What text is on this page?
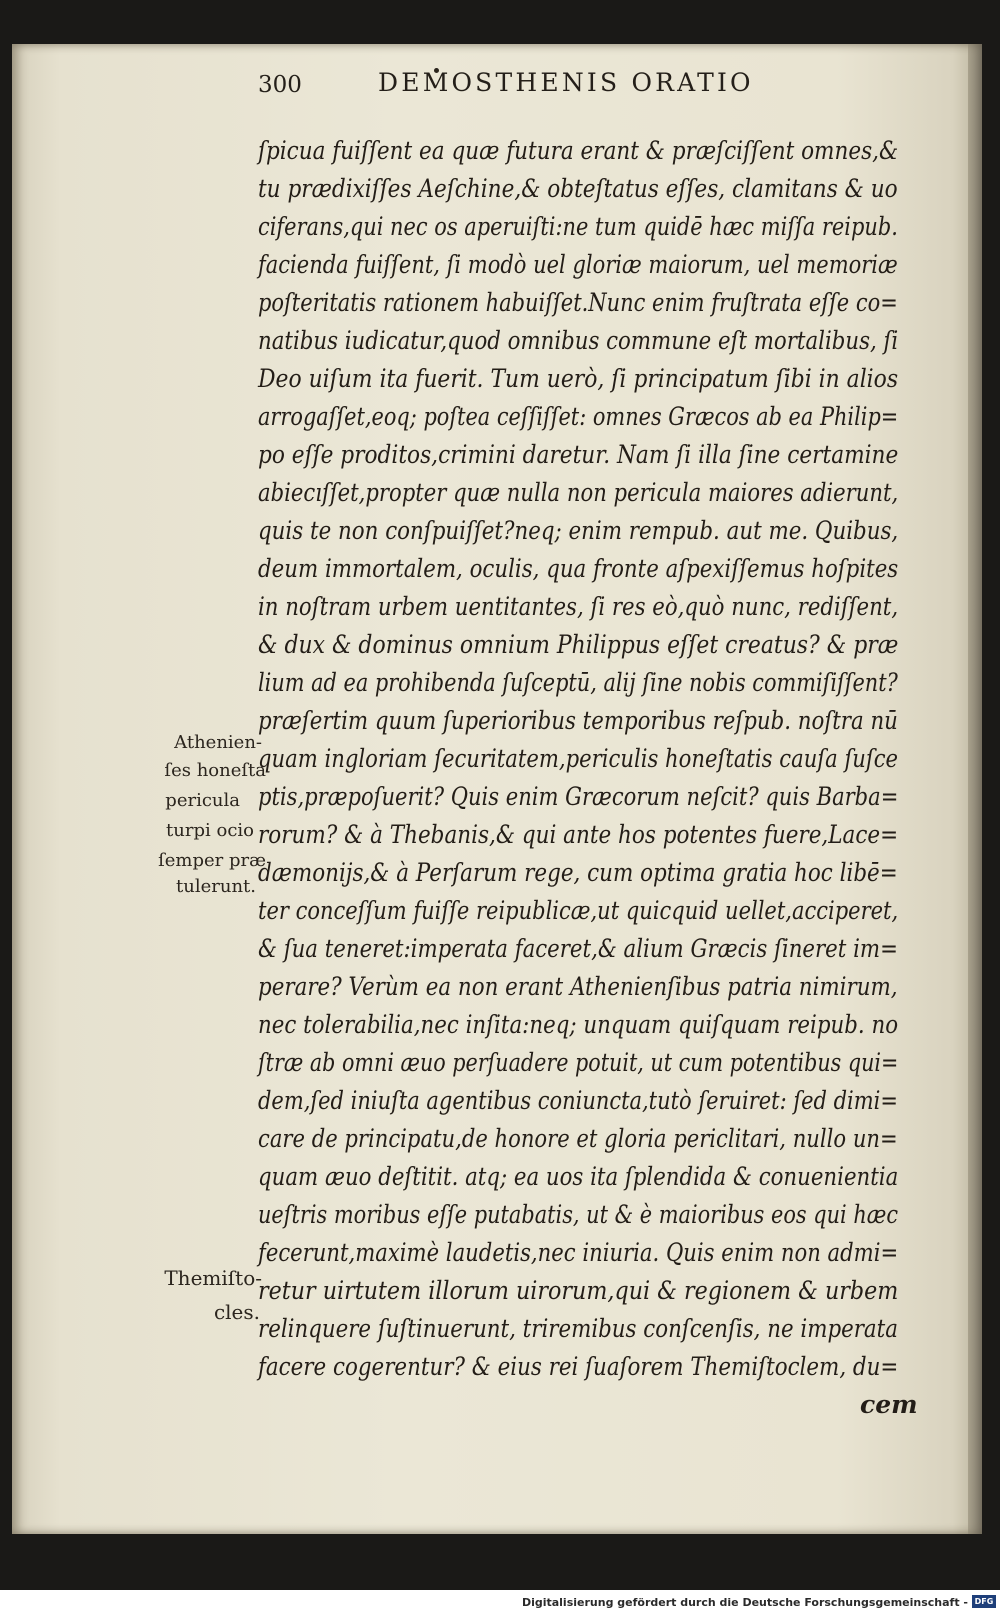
300	DEMOSTHENIS ORATIO
ſpicua fuiſſent ea quæ futura erant & præſciſſent omnes,&
tu prædixiſſes Aeſchine,& obteſtatus eſſes, clamitans & uo
ciferans,qui nec os aperuiſti:ne tum quidē hæc miſſa reipub.
facienda fuiſſent, ſi modò uel gloriæ maiorum, uel memoriæ
poſteritatis rationem habuiſſet.Nunc enim fruſtrata eſſe co=
natibus iudicatur,quod omnibus commune eſt mortalibus, ſi
Deo uiſum ita fuerit. Tum uerò, ſi principatum ſibi in alios
arrogaſſet,eoq; poſtea ceſſiſſet: omnes Græcos ab ea Philip=
po eſſe proditos,crimini daretur. Nam ſi illa ſine certamine
abiecıſſet,propter quæ nulla non pericula maiores adierunt,
quis te non conſpuiſſet?neq; enim rempub. aut me. Quibus,
deum immortalem, oculis, qua fronte aſpexiſſemus hoſpites
in noſtram urbem uentitantes, ſi res eò,quò nunc, rediſſent,
& dux & dominus omnium Philippus eſſet creatus? & præ
lium ad ea prohibenda ſuſceptū, alij ſine nobis commiſiſſent?
præſertim quum ſuperioribus temporibus reſpub. noſtra nū
quam ingloriam ſecuritatem,periculis honeſtatis cauſa ſuſce
ptis,præpoſuerit? Quis enim Græcorum neſcit? quis Barba=
rorum? & à Thebanis,& qui ante hos potentes fuere,Lace=
dæmonijs,& à Perſarum rege, cum optima gratia hoc libē=
ter conceſſum fuiſſe reipublicæ,ut quicquid uellet,acciperet,
& ſua teneret:imperata faceret,& alium Græcis ſineret im=
perare? Verùm ea non erant Athenienſibus patria nimirum,
nec tolerabilia,nec inſita:neq; unquam quiſquam reipub. no
ſtræ ab omni æuo perſuadere potuit, ut cum potentibus qui=
dem,ſed iniuſta agentibus coniuncta,tutò ſeruiret: ſed dimi=
care de principatu,de honore et gloria periclitari, nullo un=
quam æuo deſtitit. atq; ea uos ita ſplendida & conuenientia
ueſtris moribus eſſe putabatis, ut & è maioribus eos qui hæc
fecerunt,maximè laudetis,nec iniuria. Quis enim non admi=
retur uirtutem illorum uirorum,qui & regionem & urbem
relinquere ſuſtinuerunt, triremibus conſcenſis, ne imperata
facere cogerentur? & eius rei ſuaſorem Themiſtoclem, du=
cem
Athenien-
ſes honeſta
pericula
turpi ocio
ſemper præ
tulerunt.
Themiſto-
cles.
Digitalisierung gefördert durch die Deutsche Forschungsgemeinschaft - DFG
